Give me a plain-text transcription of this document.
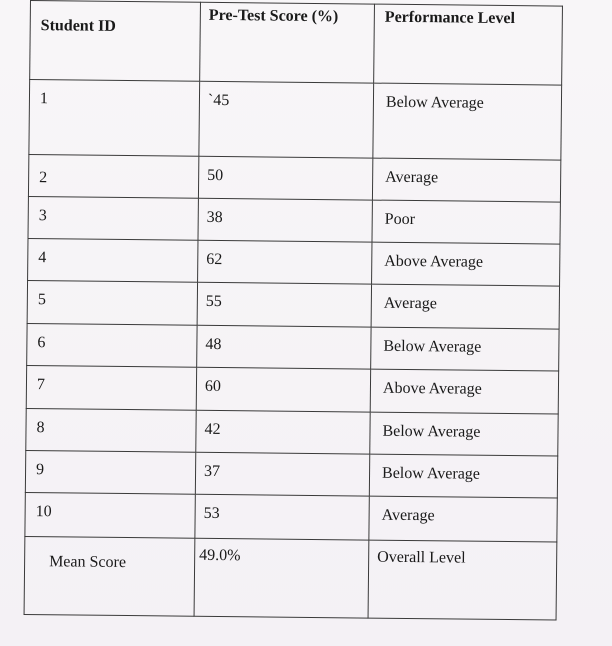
Student ID	Pre-Test Score (%)	Performance Level

1	`45	Below Average

2	50	Average

3	38	Poor

4	62	Above Average

5	55	Average

6	48	Below Average

7	60	Above Average

8	42	Below Average

9	37	Below Average

10	53	Average

Mean Score	49.0%	Overall Level
